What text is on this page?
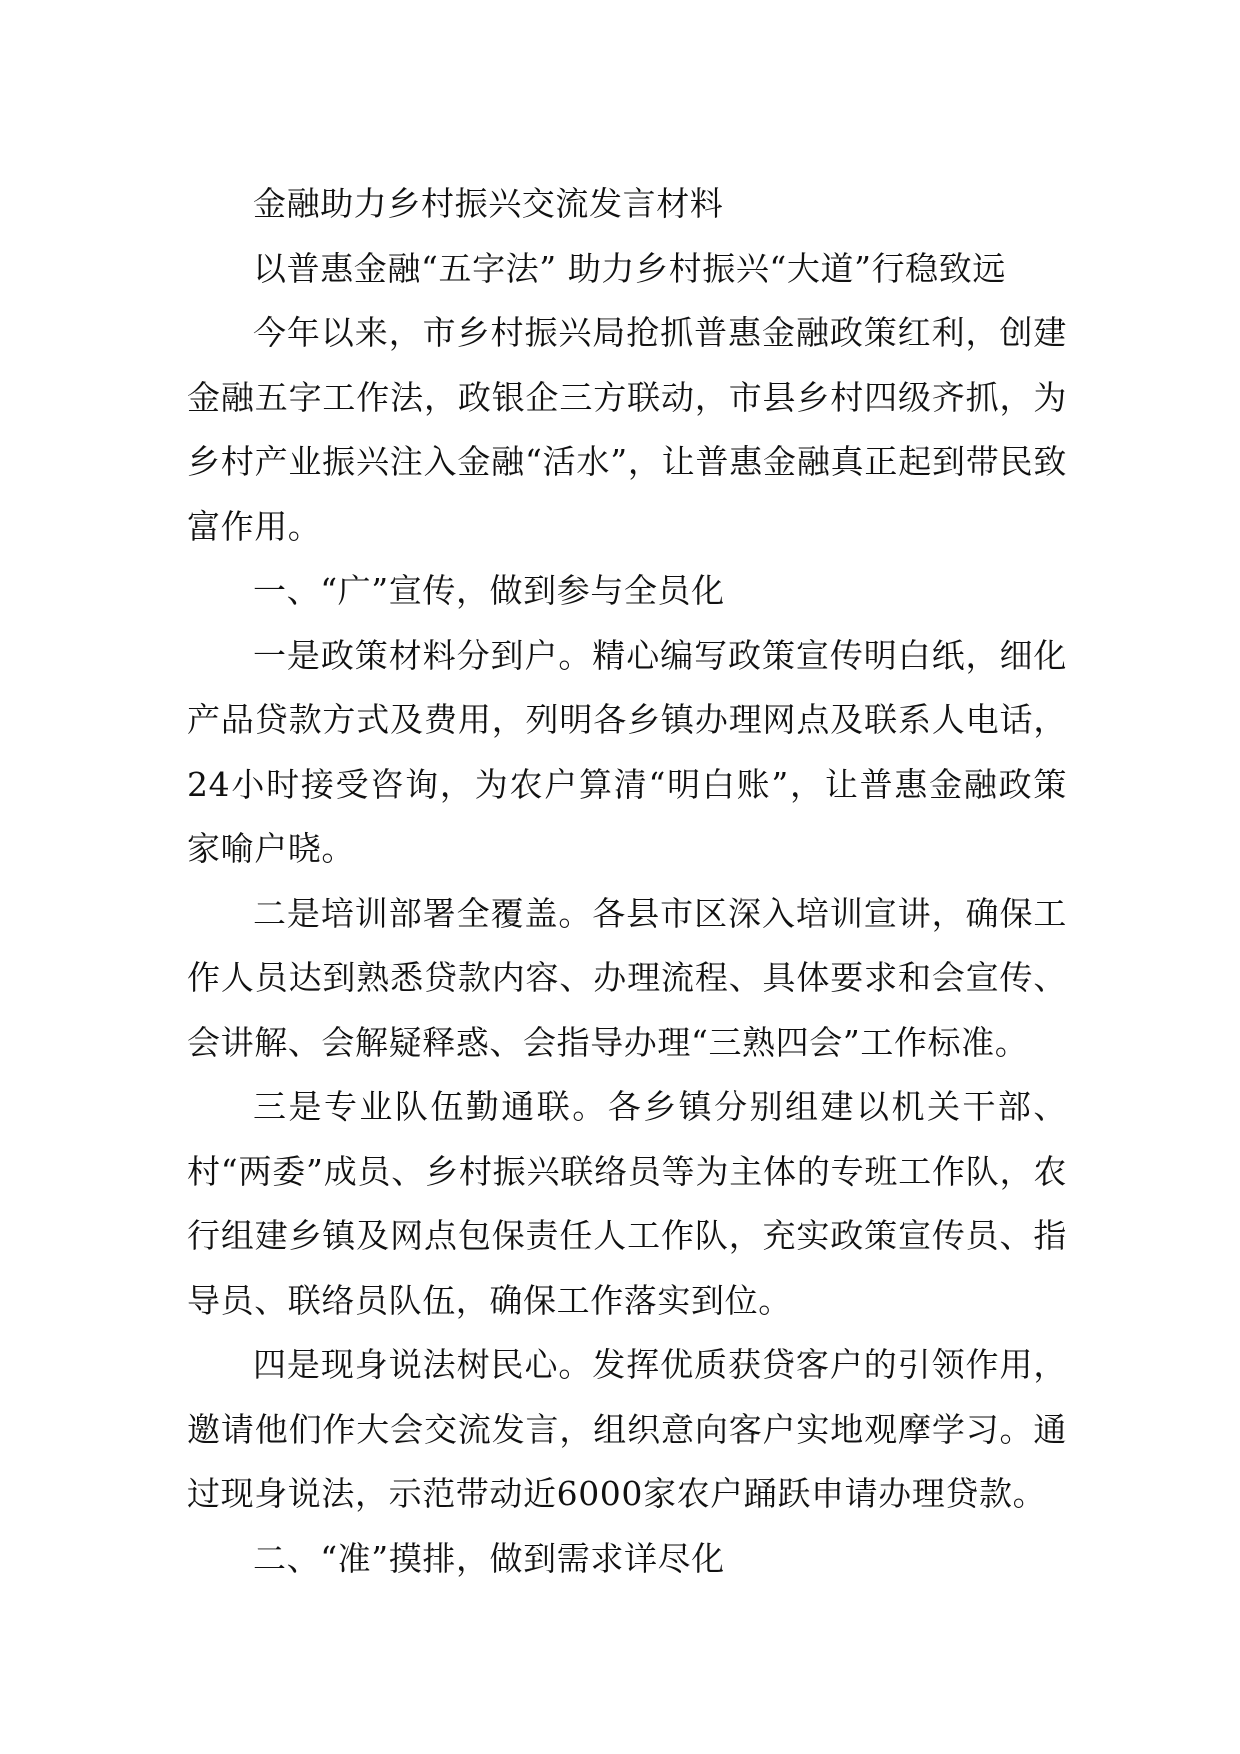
金融助力乡村振兴交流发言材料

以普惠金融“五字法” 助力乡村振兴“大道”行稳致远

今年以来，市乡村振兴局抢抓普惠金融政策红利，创建金融五字工作法，政银企三方联动，市县乡村四级齐抓，为乡村产业振兴注入金融“活水”，让普惠金融真正起到带民致富作用。

一、“广”宣传，做到参与全员化

一是政策材料分到户。精心编写政策宣传明白纸，细化产品贷款方式及费用，列明各乡镇办理网点及联系人电话，24小时接受咨询，为农户算清“明白账”，让普惠金融政策家喻户晓。

二是培训部署全覆盖。各县市区深入培训宣讲，确保工作人员达到熟悉贷款内容、办理流程、具体要求和会宣传、会讲解、会解疑释惑、会指导办理“三熟四会”工作标准。

三是专业队伍勤通联。各乡镇分别组建以机关干部、村“两委”成员、乡村振兴联络员等为主体的专班工作队，农行组建乡镇及网点包保责任人工作队，充实政策宣传员、指导员、联络员队伍，确保工作落实到位。

四是现身说法树民心。发挥优质获贷客户的引领作用，邀请他们作大会交流发言，组织意向客户实地观摩学习。通过现身说法，示范带动近6000家农户踊跃申请办理贷款。

二、“准”摸排，做到需求详尽化
